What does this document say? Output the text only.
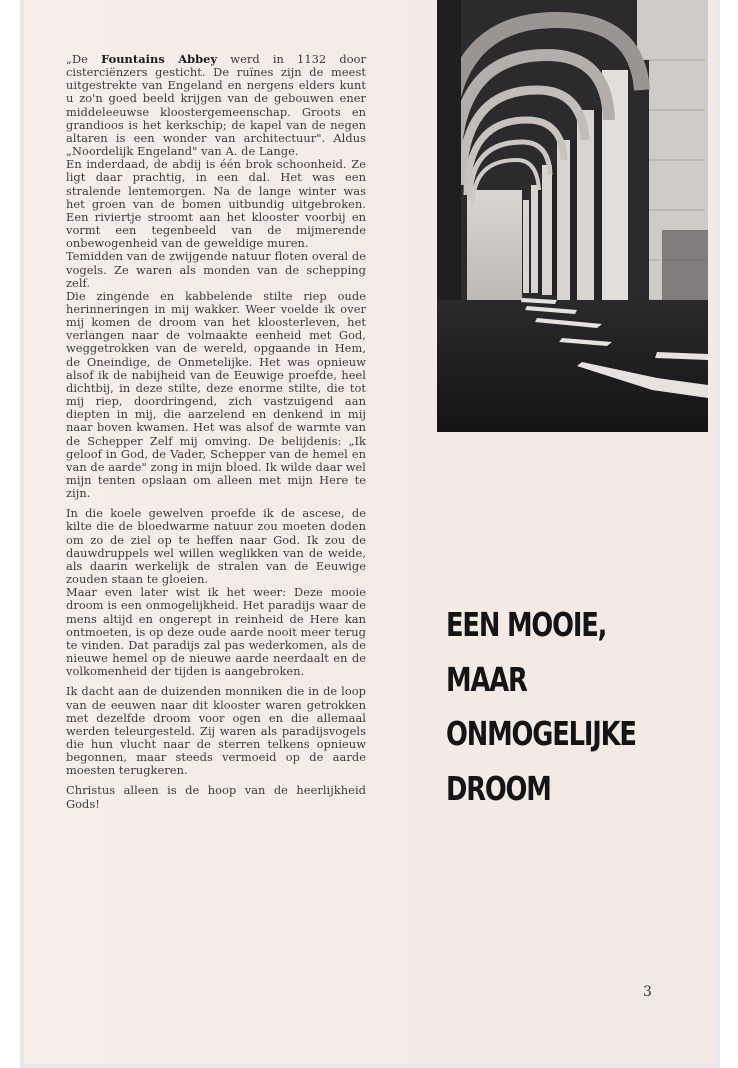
„De Fountains Abbey werd in 1132 door cisterciënzers gesticht. De ruïnes zijn de meest uitgestrekte van Engeland en nergens elders kunt u zo'n goed beeld krijgen van de gebouwen ener middeleeuwse kloostergemeenschap. Groots en grandioos is het kerkschip; de kapel van de negen altaren is een wonder van architectuur". Aldus „Noordelijk Engeland" van A. de Lange.

En inderdaad, de abdij is één brok schoonheid. Ze ligt daar prachtig, in een dal. Het was een stralende lentemorgen. Na de lange winter was het groen van de bomen uitbundig uitgebroken. Een riviertje stroomt aan het klooster voorbij en vormt een tegenbeeld van de mijmerende onbewogenheid van de geweldige muren.

Temidden van de zwijgende natuur floten overal de vogels. Ze waren als monden van de schepping zelf.

Die zingende en kabbelende stilte riep oude herinneringen in mij wakker. Weer voelde ik over mij komen de droom van het kloosterleven, het verlangen naar de volmaakte eenheid met God, weggetrokken van de wereld, opgaande in Hem, de Oneindige, de Onmetelijke. Het was opnieuw alsof ik de nabijheid van de Eeuwige proefde, heel dichtbij, in deze stilte, deze enorme stilte, die tot mij riep, doordringend, zich vastzuigend aan diepten in mij, die aarzelend en denkend in mij naar boven kwamen. Het was alsof de warmte van de Schepper Zelf mij omving. De belijdenis: „Ik geloof in God, de Vader, Schepper van de hemel en van de aarde" zong in mijn bloed. Ik wilde daar wel mijn tenten opslaan om alleen met mijn Here te zijn.

In die koele gewelven proefde ik de ascese, de kilte die de bloedwarme natuur zou moeten doden om zo de ziel op te heffen naar God. Ik zou de dauwdruppels wel willen weglikken van de weide, als daarin werkelijk de stralen van de Eeuwige zouden staan te gloeien.

Maar even later wist ik het weer: Deze mooie droom is een onmogelijkheid. Het paradijs waar de mens altijd en ongerept in reinheid de Here kan ontmoeten, is op deze oude aarde nooit meer terug te vinden. Dat paradijs zal pas wederkomen, als de nieuwe hemel op de nieuwe aarde neerdaalt en de volkomenheid der tijden is aangebroken.

Ik dacht aan de duizenden monniken die in de loop van de eeuwen naar dit klooster waren getrokken met dezelfde droom voor ogen en die allemaal werden teleurgesteld. Zij waren als paradijsvogels die hun vlucht naar de sterren telkens opnieuw begonnen, maar steeds vermoeid op de aarde moesten terugkeren.

Christus alleen is de hoop van de heerlijkheid Gods!

EEN MOOIE,
MAAR
ONMOGELIJKE
DROOM
3
